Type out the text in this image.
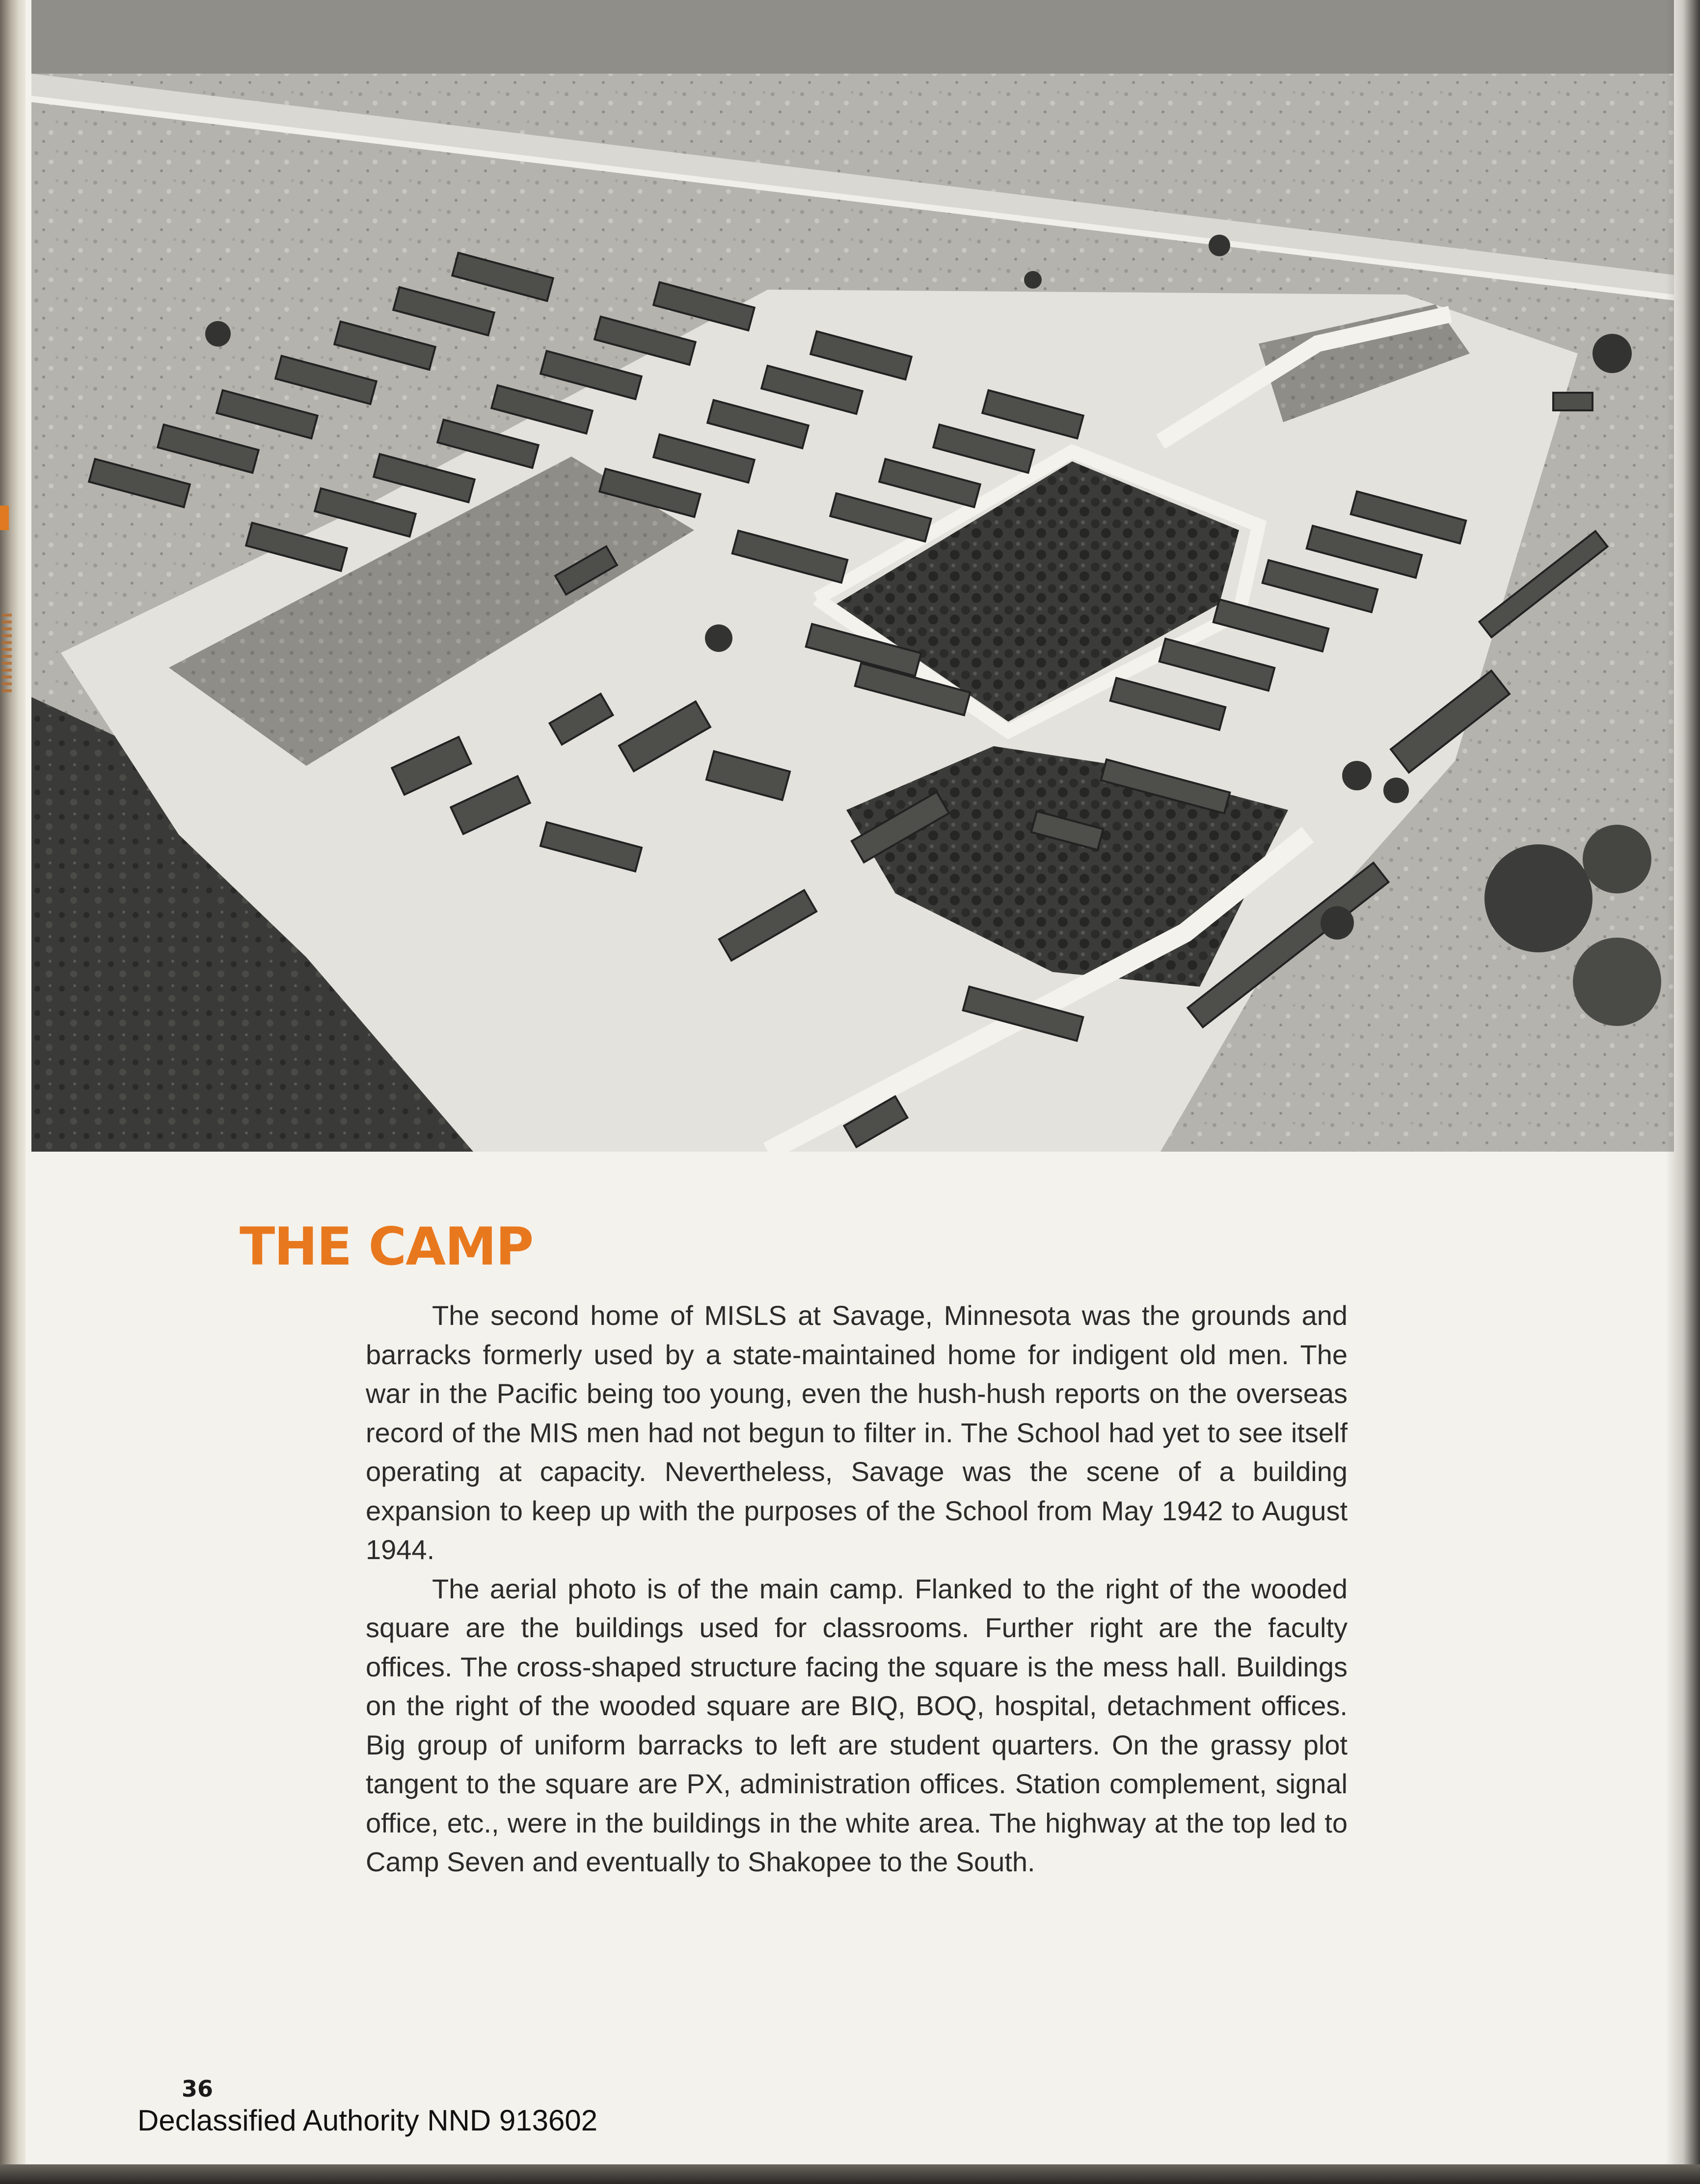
THE CAMP

The second home of MISLS at Savage, Minnesota was the grounds and barracks formerly used by a state-maintained home for indigent old men. The war in the Pacific being too young, even the hush-hush reports on the overseas record of the MIS men had not begun to filter in. The School had yet to see itself operating at capacity. Nevertheless, Savage was the scene of a building expansion to keep up with the purposes of the School from May 1942 to August 1944.

The aerial photo is of the main camp. Flanked to the right of the wooded square are the buildings used for classrooms. Further right are the faculty offices. The cross-shaped structure facing the square is the mess hall. Buildings on the right of the wooded square are BIQ, BOQ, hospital, detachment offices. Big group of uniform barracks to left are student quarters. On the grassy plot tangent to the square are PX, administration offices. Station complement, signal office, etc., were in the buildings in the white area. The highway at the top led to Camp Seven and eventually to Shakopee to the South.

36
Declassified Authority NND 913602
